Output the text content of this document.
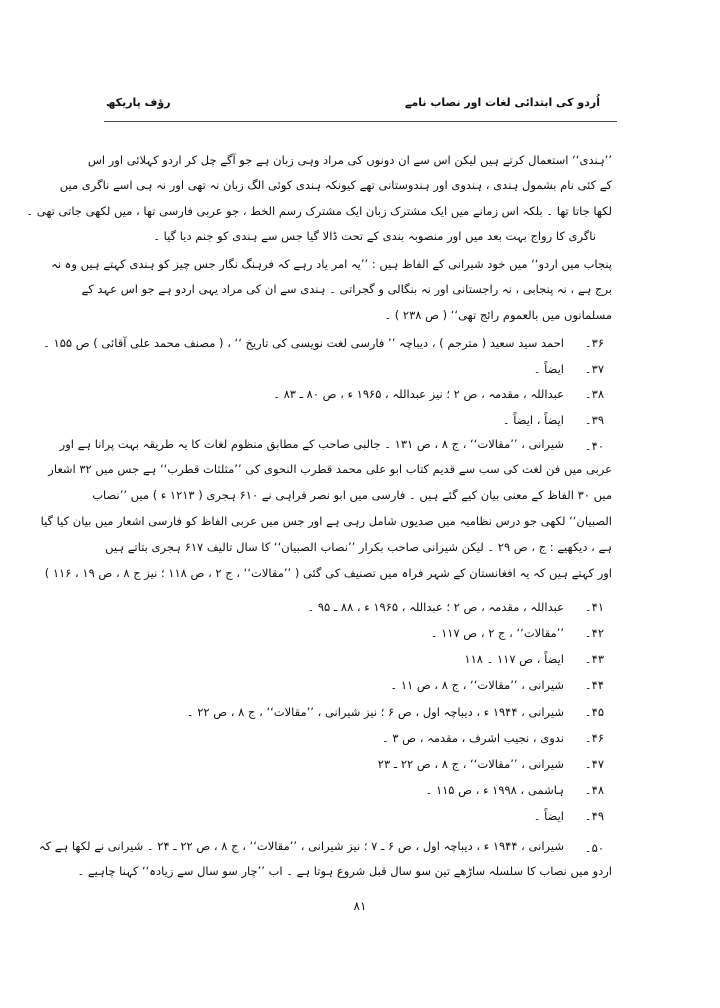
اُردو کی ابتدائی لغات اور نصاب نامے
رؤف پاریکھ
’’ہندی‘‘ استعمال کرتے ہیں لیکن اس سے ان دونوں کی مراد وہی زبان ہے جو آگے چل کر اردو کہلائی اور اس
کے کئی نام بشمول ہندی ، ہندوی اور ہندوستانی تھے کیونکہ ہندی کوئی الگ زبان نہ تھی اور نہ ہی اسے ناگری میں
لکھا جاتا تھا ۔ بلکہ اس زمانے میں ایک مشترک زبان ایک مشترک رسم الخط ، جو عربی فارسی تھا ، میں لکھی جاتی تھی ۔
ناگری کا رواج بہت بعد میں اور منصوبہ بندی کے تحت ڈالا گیا جس سے ہندی کو جنم دیا گیا ۔
پنجاب میں اردو‘‘ میں خود شیرانی کے الفاظ ہیں : ’’یہ امر یاد رہے کہ فرہنگ نگار جس چیز کو ہندی کہتے ہیں وہ نہ
برج ہے ، نہ پنجابی ، نہ راجستانی اور نہ بنگالی و گجراتی ۔ ہندی سے ان کی مراد یہی اردو ہے جو اس عہد کے
مسلمانوں میں بالعموم رائج تھی‘‘ ( ص ۲۳۸ ) ۔
۳۶۔
احمد سید سعید ( مترجم ) ، دیباچہ ’’ فارسی لغت نویسی کی تاریخ ‘‘ ، ( مصنف محمد علی آقائی ) ص ۱۵۵ ۔
۳۷۔
ایضاً ۔
۳۸۔
عبداللہ ، مقدمہ ، ص ۲ ؛ نیز عبداللہ ، ۱۹۶۵ ء ، ص ۸۰ ـ ۸۳ ۔
۳۹۔
ایضاً ، ایضاً ۔
۴۰۔
شیرانی ، ’’مقالات‘‘ ، ج ۸ ، ص ۱۳۱ ۔ جالبی صاحب کے مطابق منظوم لغات کا یہ طریقہ بہت پرانا ہے اور
عربی میں فن لغت کی سب سے قدیم کتاب ابو علی محمد قطرب النحوی کی ’’مثلثات قطرب‘‘ ہے جس میں ۳۲ اشعار
میں ۳۰ الفاظ کے معنی بیان کیے گئے ہیں ۔ فارسی میں ابو نصر فراہی نے ۶۱۰ ہجری ( ۱۲۱۳ ء ) میں ’’نصاب
الصبیان‘‘ لکھی جو درس نظامیہ میں صدیوں شامل رہی ہے اور جس میں عربی الفاظ کو فارسی اشعار میں بیان کیا گیا
ہے ، دیکھیے : ج ، ص ۲۹ ۔ لیکن شیرانی صاحب بکرار ’’نصاب الصبیان‘‘ کا سال تالیف ۶۱۷ ہجری بتاتے ہیں
اور کہتے ہیں کہ یہ افغانستان کے شہر فراہ میں تصنیف کی گئی ( ’’مقالات‘‘ ، ج ۲ ، ص ۱۱۸ ؛ نیز ج ۸ ، ص ۱۹ ، ۱۱۶ )
۴۱۔
عبداللہ ، مقدمہ ، ص ۲ ؛ عبداللہ ، ۱۹۶۵ ء ، ۸۸ ـ ۹۵ ۔
۴۲۔
’’مقالات‘‘ ، ج ۲ ، ص ۱۱۷ ۔
۴۳۔
ایضاً ، ص ۱۱۷ ۔ ۱۱۸
۴۴۔
شیرانی ، ’’مقالات‘‘ ، ج ۸ ، ص ۱۱ ۔
۴۵۔
شیرانی ، ۱۹۴۴ ء ، دیباچہ اول ، ص ۶ ؛ نیز شیرانی ، ’’مقالات‘‘ ، ج ۸ ، ص ۲۲ ۔
۴۶۔
ندوی ، نجیب اشرف ، مقدمہ ، ص ۳ ۔
۴۷۔
شیرانی ، ’’مقالات‘‘ ، ج ۸ ، ص ۲۲ ـ ۲۳
۴۸۔
ہاشمی ، ۱۹۹۸ ء ، ص ۱۱۵ ۔
۴۹۔
ایضاً ۔
۵۰۔
شیرانی ، ۱۹۴۴ ء ، دیباچہ اول ، ص ۶ ـ ۷ ؛ نیز شیرانی ، ’’مقالات‘‘ ، ج ۸ ، ص ۲۲ ـ ۲۴ ۔ شیرانی نے لکھا ہے کہ
اردو میں نصاب کا سلسلہ ساڑھے تین سو سال قبل شروع ہوتا ہے ۔ اب ’’چار سو سال سے زیادہ‘‘ کہنا چاہیے ۔
۸۱
